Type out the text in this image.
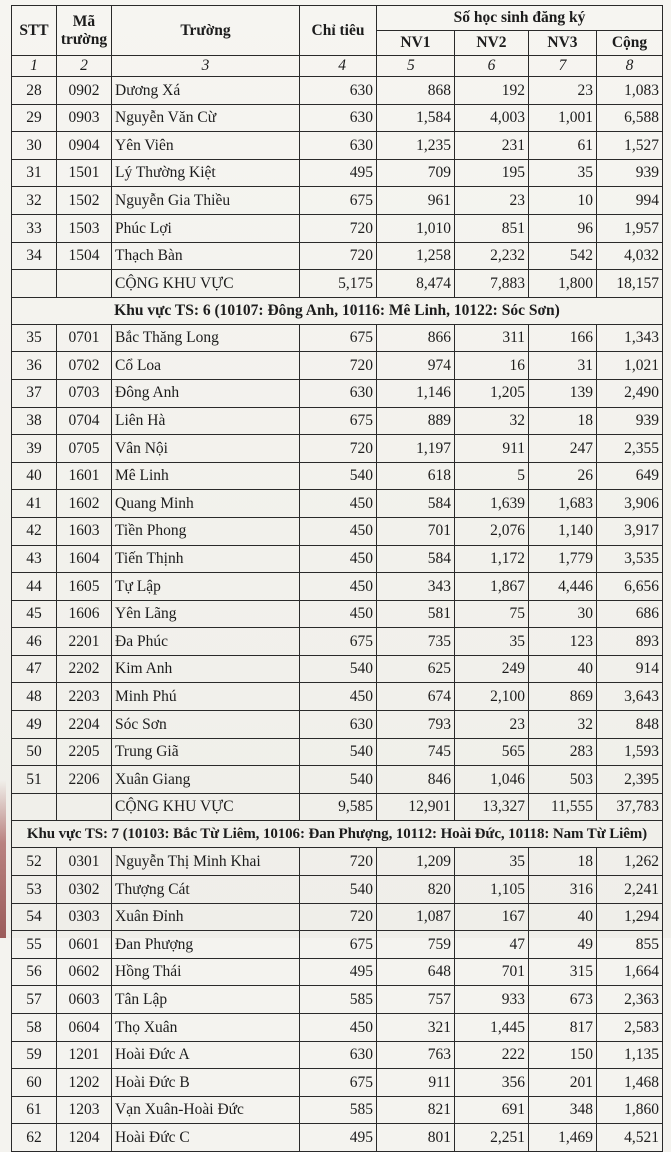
STT	Mã trường	Trường	Chỉ tiêu	Số học sinh đăng ký			
				NV1	NV2	NV3	Cộng
1	2	3	4	5	6	7	8
28	0902	Dương Xá	630	868	192	23	1,083
29	0903	Nguyễn Văn Cừ	630	1,584	4,003	1,001	6,588
30	0904	Yên Viên	630	1,235	231	61	1,527
31	1501	Lý Thường Kiệt	495	709	195	35	939
32	1502	Nguyễn Gia Thiều	675	961	23	10	994
33	1503	Phúc Lợi	720	1,010	851	96	1,957
34	1504	Thạch Bàn	720	1,258	2,232	542	4,032
		CỘNG KHU VỰC	5,175	8,474	7,883	1,800	18,157
Khu vực TS: 6 (10107: Đông Anh, 10116: Mê Linh, 10122: Sóc Sơn)							
35	0701	Bắc Thăng Long	675	866	311	166	1,343
36	0702	Cổ Loa	720	974	16	31	1,021
37	0703	Đông Anh	630	1,146	1,205	139	2,490
38	0704	Liên Hà	675	889	32	18	939
39	0705	Vân Nội	720	1,197	911	247	2,355
40	1601	Mê Linh	540	618	5	26	649
41	1602	Quang Minh	450	584	1,639	1,683	3,906
42	1603	Tiền Phong	450	701	2,076	1,140	3,917
43	1604	Tiến Thịnh	450	584	1,172	1,779	3,535
44	1605	Tự Lập	450	343	1,867	4,446	6,656
45	1606	Yên Lãng	450	581	75	30	686
46	2201	Đa Phúc	675	735	35	123	893
47	2202	Kim Anh	540	625	249	40	914
48	2203	Minh Phú	450	674	2,100	869	3,643
49	2204	Sóc Sơn	630	793	23	32	848
50	2205	Trung Giã	540	745	565	283	1,593
51	2206	Xuân Giang	540	846	1,046	503	2,395
		CỘNG KHU VỰC	9,585	12,901	13,327	11,555	37,783
Khu vực TS: 7 (10103: Bắc Từ Liêm, 10106: Đan Phượng, 10112: Hoài Đức, 10118: Nam Từ Liêm)							
52	0301	Nguyễn Thị Minh Khai	720	1,209	35	18	1,262
53	0302	Thượng Cát	540	820	1,105	316	2,241
54	0303	Xuân Đỉnh	720	1,087	167	40	1,294
55	0601	Đan Phượng	675	759	47	49	855
56	0602	Hồng Thái	495	648	701	315	1,664
57	0603	Tân Lập	585	757	933	673	2,363
58	0604	Thọ Xuân	450	321	1,445	817	2,583
59	1201	Hoài Đức A	630	763	222	150	1,135
60	1202	Hoài Đức B	675	911	356	201	1,468
61	1203	Vạn Xuân-Hoài Đức	585	821	691	348	1,860
62	1204	Hoài Đức C	495	801	2,251	1,469	4,521
